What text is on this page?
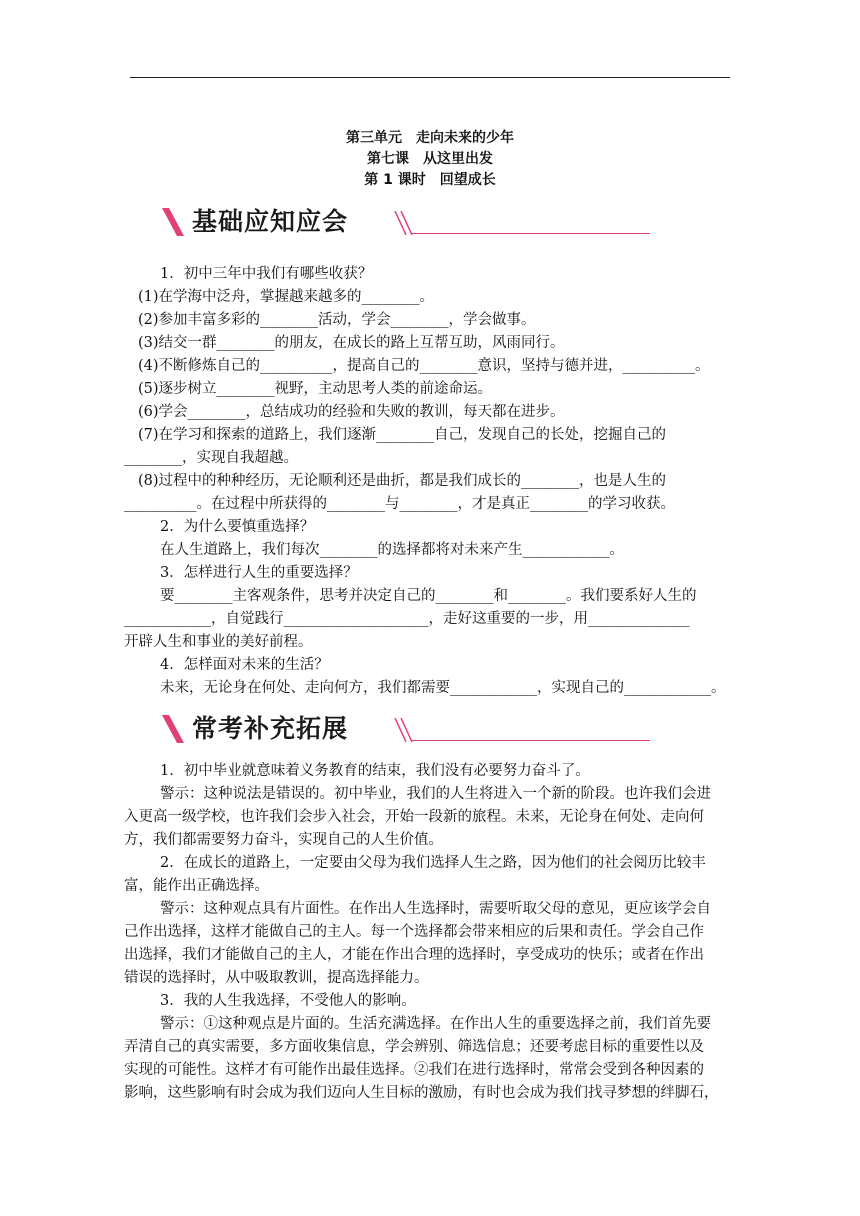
第三单元　走向未来的少年
第七课　从这里出发
第 1 课时　回望成长
基础应知应会

1．初中三年中我们有哪些收获？

(1)在学海中泛舟，掌握越来越多的________。

(2)参加丰富多彩的________活动，学会________，学会做事。

(3)结交一群________的朋友，在成长的路上互帮互助，风雨同行。

(4)不断修炼自己的__________，提高自己的________意识，坚持与德并进，__________。

(5)逐步树立________视野，主动思考人类的前途命运。

(6)学会________，总结成功的经验和失败的教训，每天都在进步。

(7)在学习和探索的道路上，我们逐渐________自己，发现自己的长处，挖掘自己的

________，实现自我超越。

(8)过程中的种种经历，无论顺利还是曲折，都是我们成长的________，也是人生的

__________。在过程中所获得的________与________，才是真正________的学习收获。

2．为什么要慎重选择？

在人生道路上，我们每次________的选择都将对未来产生____________。

3．怎样进行人生的重要选择？

要________主客观条件，思考并决定自己的________和________。我们要系好人生的

____________，自觉践行____________________，走好这重要的一步，用______________

开辟人生和事业的美好前程。

4．怎样面对未来的生活？

未来，无论身在何处、走向何方，我们都需要____________，实现自己的____________。

常考补充拓展

1．初中毕业就意味着义务教育的结束，我们没有必要努力奋斗了。

警示：这种说法是错误的。初中毕业，我们的人生将进入一个新的阶段。也许我们会进

入更高一级学校，也许我们会步入社会，开始一段新的旅程。未来，无论身在何处、走向何

方，我们都需要努力奋斗，实现自己的人生价值。

2．在成长的道路上，一定要由父母为我们选择人生之路，因为他们的社会阅历比较丰

富，能作出正确选择。

警示：这种观点具有片面性。在作出人生选择时，需要听取父母的意见，更应该学会自

己作出选择，这样才能做自己的主人。每一个选择都会带来相应的后果和责任。学会自己作

出选择，我们才能做自己的主人，才能在作出合理的选择时，享受成功的快乐；或者在作出

错误的选择时，从中吸取教训，提高选择能力。

3．我的人生我选择，不受他人的影响。

警示：①这种观点是片面的。生活充满选择。在作出人生的重要选择之前，我们首先要

弄清自己的真实需要，多方面收集信息，学会辨别、筛选信息；还要考虑目标的重要性以及

实现的可能性。这样才有可能作出最佳选择。②我们在进行选择时，常常会受到各种因素的

影响，这些影响有时会成为我们迈向人生目标的激励，有时也会成为我们找寻梦想的绊脚石，
